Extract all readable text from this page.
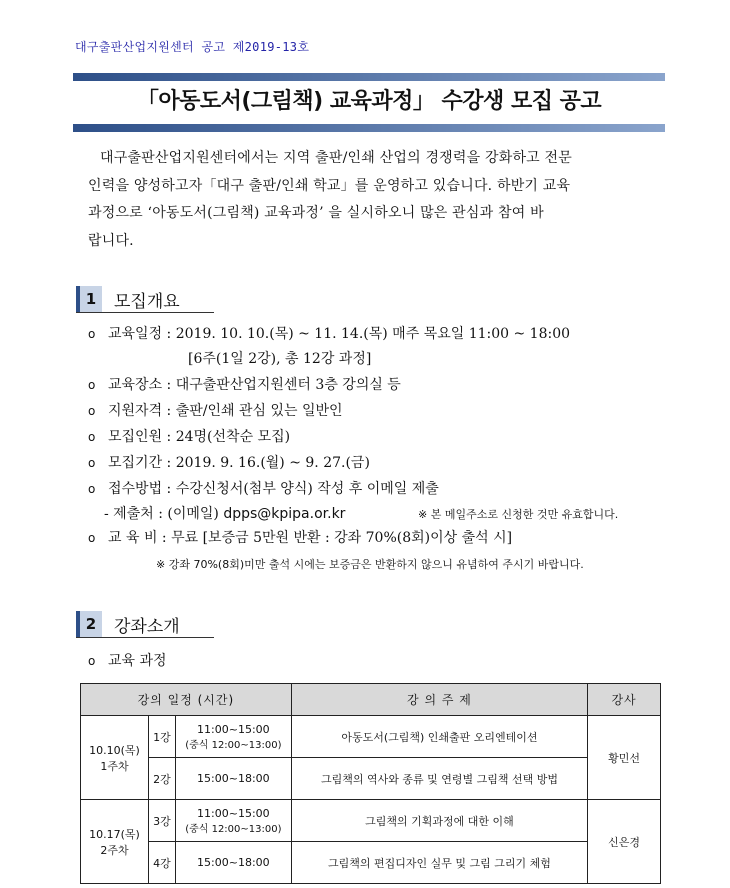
대구출판산업지원센터 공고 제2019-13호
「아동도서(그림책) 교육과정」 수강생 모집 공고

대구출판산업지원센터에서는 지역 출판/인쇄 산업의 경쟁력을 강화하고 전문

인력을 양성하고자「대구 출판/인쇄 학교」를 운영하고 있습니다. 하반기 교육

과정으로 ‘아동도서(그림책) 교육과정’ 을 실시하오니 많은 관심과 참여 바

랍니다.

1	모집개요
o 교육일정 : 2019. 10. 10.(목) ~ 11. 14.(목) 매주 목요일 11:00 ~ 18:00
[6주(1일 2강), 총 12강 과정]
o 교육장소 : 대구출판산업지원센터 3층 강의실 등
o 지원자격 : 출판/인쇄 관심 있는 일반인
o 모집인원 : 24명(선착순 모집)
o 모집기간 : 2019. 9. 16.(월) ~ 9. 27.(금)
o 접수방법 : 수강신청서(첨부 양식) 작성 후 이메일 제출
- 제출처 : (이메일) dpps@kpipa.or.kr	※ 본 메일주소로 신청한 것만 유효합니다.
o 교 육 비 : 무료 [보증금 5만원 반환 : 강좌 70%(8회)이상 출석 시]
※ 강좌 70%(8회)미만 출석 시에는 보증금은 반환하지 않으니 유념하여 주시기 바랍니다.
2	강좌소개
o 교육 과정
강의 일정 (시간)			강 의 주 제	강사
10.10(목)
1주차	1강	11:00~15:00
(중식 12:00~13:00)	아동도서(그림책) 인쇄출판 오리엔테이션	황민선
	2강	15:00~18:00	그림책의 역사와 종류 및 연령별 그림책 선택 방법	
10.17(목)
2주차	3강	11:00~15:00
(중식 12:00~13:00)	그림책의 기획과정에 대한 이해	신은경
	4강	15:00~18:00	그림책의 편집디자인 실무 및 그림 그리기 체험	
